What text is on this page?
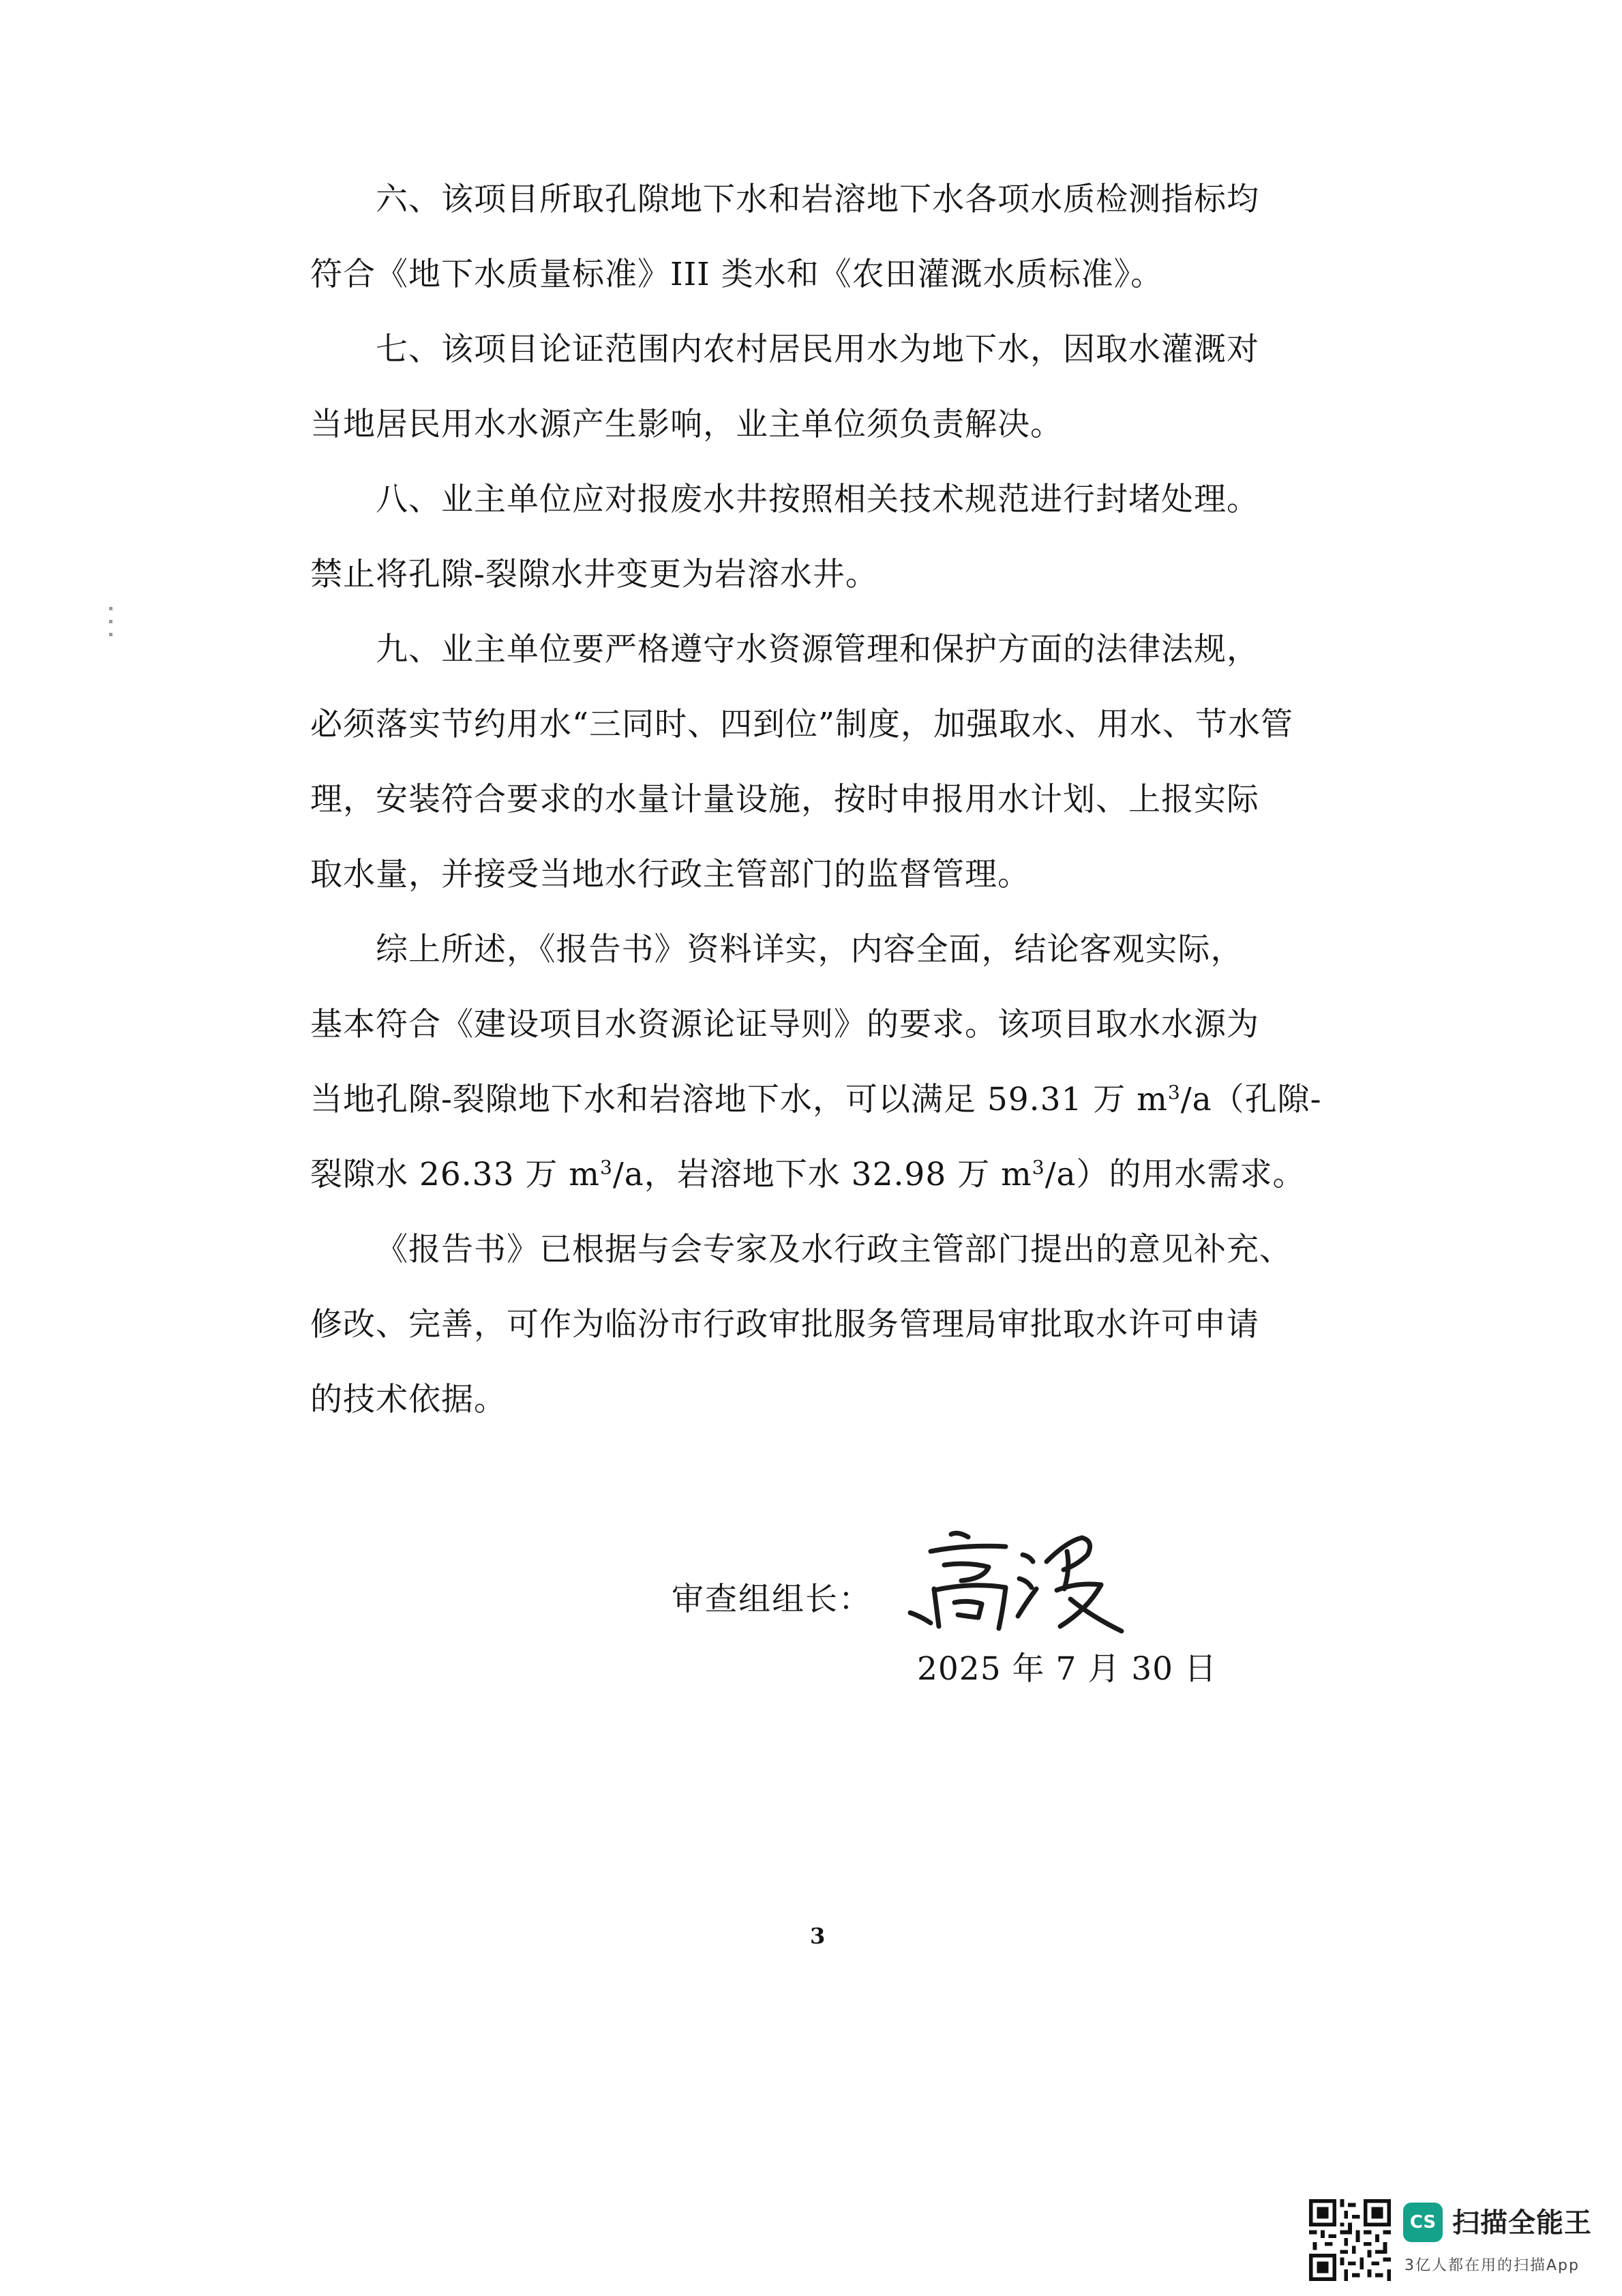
六、该项目所取孔隙地下水和岩溶地下水各项水质检测指标均
符合《地下水质量标准》III 类水和《农田灌溉水质标准》。
七、该项目论证范围内农村居民用水为地下水，因取水灌溉对
当地居民用水水源产生影响，业主单位须负责解决。
八、业主单位应对报废水井按照相关技术规范进行封堵处理。
禁止将孔隙-裂隙水井变更为岩溶水井。
九、业主单位要严格遵守水资源管理和保护方面的法律法规，
必须落实节约用水“三同时、四到位”制度，加强取水、用水、节水管
理，安装符合要求的水量计量设施，按时申报用水计划、上报实际
取水量，并接受当地水行政主管部门的监督管理。
综上所述，《报告书》资料详实，内容全面，结论客观实际，
基本符合《建设项目水资源论证导则》的要求。该项目取水水源为
当地孔隙-裂隙地下水和岩溶地下水，可以满足 59.31 万 $m^3/a$（孔隙-
裂隙水 26.33 万 $m^3/a$，岩溶地下水 32.98 万 $m^3/a$）的用水需求。
《报告书》已根据与会专家及水行政主管部门提出的意见补充、
修改、完善，可作为临汾市行政审批服务管理局审批取水许可申请
的技术依据。
审查组组长：
2025 年 7 月 30 日
3
CS 扫描全能王
3亿人都在用的扫描App
